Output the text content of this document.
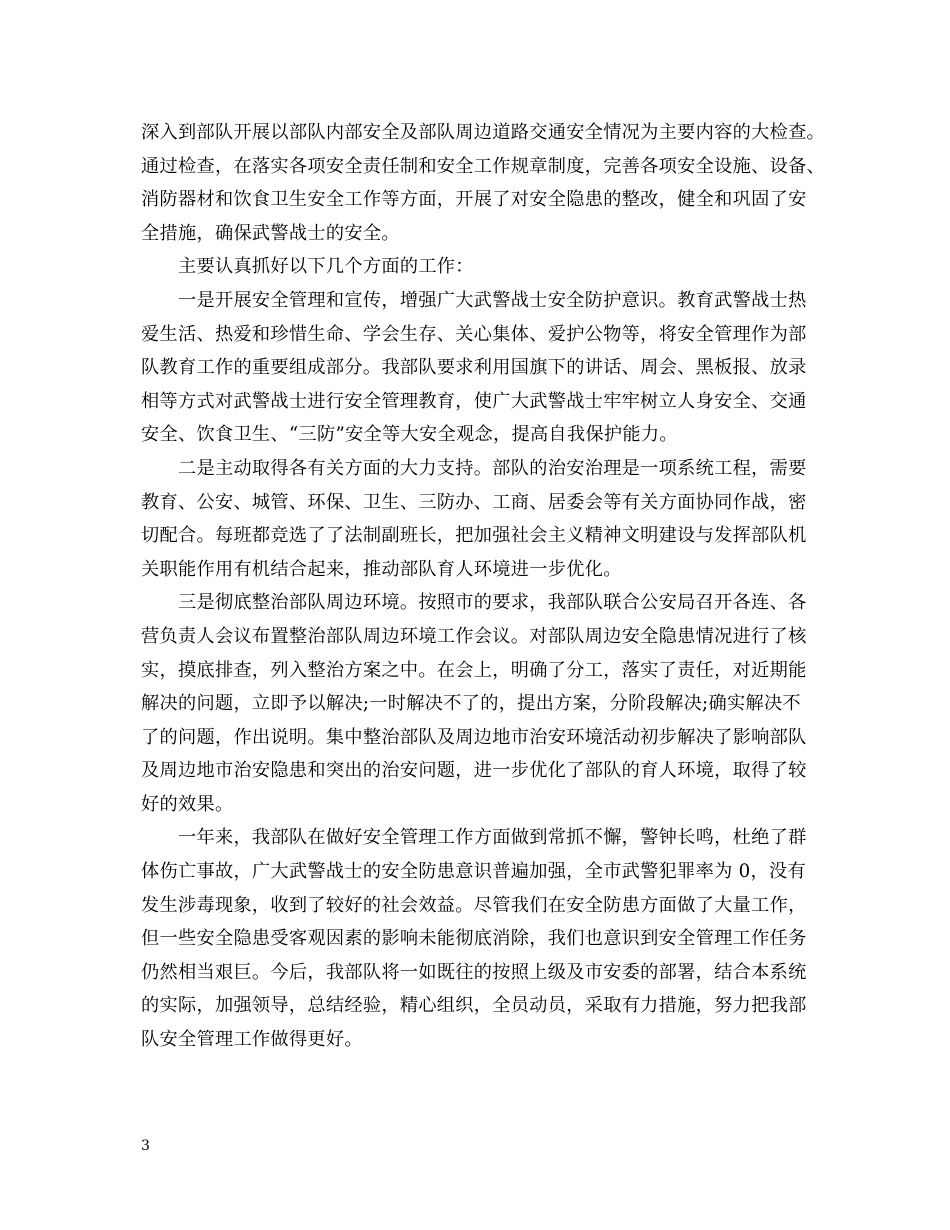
深入到部队开展以部队内部安全及部队周边道路交通安全情况为主要内容的大检查。
通过检查，在落实各项安全责任制和安全工作规章制度，完善各项安全设施、设备、
消防器材和饮食卫生安全工作等方面，开展了对安全隐患的整改，健全和巩固了安
全措施，确保武警战士的安全。
　　主要认真抓好以下几个方面的工作：
　　一是开展安全管理和宣传，增强广大武警战士安全防护意识。教育武警战士热
爱生活、热爱和珍惜生命、学会生存、关心集体、爱护公物等，将安全管理作为部
队教育工作的重要组成部分。我部队要求利用国旗下的讲话、周会、黑板报、放录
相等方式对武警战士进行安全管理教育，使广大武警战士牢牢树立人身安全、交通
安全、饮食卫生、“三防”安全等大安全观念，提高自我保护能力。
　　二是主动取得各有关方面的大力支持。部队的治安治理是一项系统工程，需要
教育、公安、城管、环保、卫生、三防办、工商、居委会等有关方面协同作战，密
切配合。每班都竞选了了法制副班长，把加强社会主义精神文明建设与发挥部队机
关职能作用有机结合起来，推动部队育人环境进一步优化。
　　三是彻底整治部队周边环境。按照市的要求，我部队联合公安局召开各连、各
营负责人会议布置整治部队周边环境工作会议。对部队周边安全隐患情况进行了核
实，摸底排查，列入整治方案之中。在会上，明确了分工，落实了责任，对近期能
解决的问题，立即予以解决;一时解决不了的，提出方案，分阶段解决;确实解决不
了的问题，作出说明。集中整治部队及周边地市治安环境活动初步解决了影响部队
及周边地市治安隐患和突出的治安问题，进一步优化了部队的育人环境，取得了较
好的效果。
　　一年来，我部队在做好安全管理工作方面做到常抓不懈，警钟长鸣，杜绝了群
体伤亡事故，广大武警战士的安全防患意识普遍加强，全市武警犯罪率为 0，没有
发生涉毒现象，收到了较好的社会效益。尽管我们在安全防患方面做了大量工作，
但一些安全隐患受客观因素的影响未能彻底消除，我们也意识到安全管理工作任务
仍然相当艰巨。今后，我部队将一如既往的按照上级及市安委的部署，结合本系统
的实际，加强领导，总结经验，精心组织，全员动员，采取有力措施，努力把我部
队安全管理工作做得更好。
3
